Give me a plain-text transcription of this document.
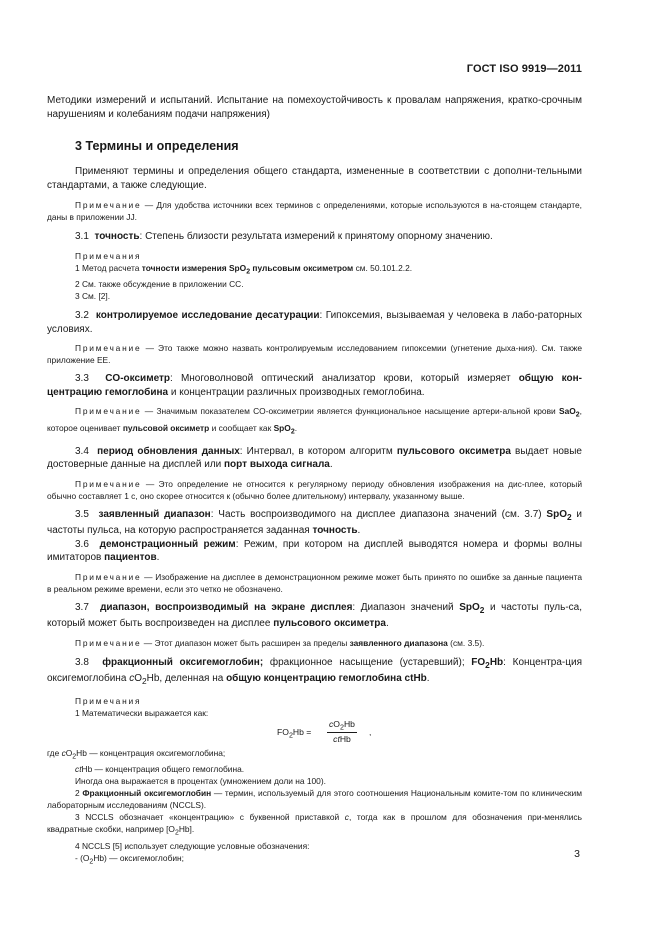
ГОСТ ISO 9919—2011

Методики измерений и испытаний. Испытание на помехоустойчивость к провалам напряжения, кратко-срочным нарушениям и колебаниям подачи напряжения)

3 Термины и определения

Применяют термины и определения общего стандарта, измененные в соответствии с дополни-тельными стандартами, а также следующие.

Примечание — Для удобства источники всех терминов с определениями, которые используются в на-стоящем стандарте, даны в приложении JJ.

3.1 точность: Степень близости результата измерений к принятому опорному значению.

Примечания

1 Метод расчета точности измерения SpO$_2$ пульсовым оксиметром см. 50.101.2.2.

2 См. также обсуждение в приложении CC.

3 См. [2].

3.2 контролируемое исследование десатурации: Гипоксемия, вызываемая у человека в лабо-раторных условиях.

Примечание — Это также можно назвать контролируемым исследованием гипоксемии (угнетение дыха-ния). См. также приложение EE.

3.3 CO-оксиметр: Многоволновой оптический анализатор крови, который измеряет общую кон-центрацию гемоглобина и концентрации различных производных гемоглобина.

Примечание — Значимым показателем CO-оксиметрии является функциональное насыщение артери-альной крови SaO$_2$, которое оценивает пульсовой оксиметр и сообщает как SpO$_2$.

3.4 период обновления данных: Интервал, в котором алгоритм пульсового оксиметра выдает новые достоверные данные на дисплей или порт выхода сигнала.

Примечание — Это определение не относится к регулярному периоду обновления изображения на дис-плее, который обычно составляет 1 с, оно скорее относится к (обычно более длительному) интервалу, указанному выше.

3.5 заявленный диапазон: Часть воспроизводимого на дисплее диапазона значений (см. 3.7) SpO$_2$ и частоты пульса, на которую распространяется заданная точность.

3.6 демонстрационный режим: Режим, при котором на дисплей выводятся номера и формы волны имитаторов пациентов.

Примечание — Изображение на дисплее в демонстрационном режиме может быть принято по ошибке за данные пациента в реальном режиме времени, если это четко не обозначено.

3.7 диапазон, воспроизводимый на экране дисплея: Диапазон значений SpO$_2$ и частоты пуль-са, который может быть воспроизведен на дисплее пульсового оксиметра.

Примечание — Этот диапазон может быть расширен за пределы заявленного диапазона (см. 3.5).

3.8 фракционный оксигемоглобин; фракционное насыщение (устаревший); $FO_2Hb$: Концентра-ция оксигемоглобина $cO_2Hb$, деленная на общую концентрацию гемоглобина ctHb.

Примечания

1 Математически выражается как:

$FO_2Hb$ =
$cO_2Hb$
ctHb
,

где $cO_2Hb$ — концентрация оксигемоглобина;

ctHb — концентрация общего гемоглобина.

Иногда она выражается в процентах (умножением доли на 100).

2 Фракционный оксигемоглобин — термин, используемый для этого соотношения Национальным комите-том по клиническим лабораторным исследованиям (NCCLS).

3 NCCLS обозначает «концентрацию» с буквенной приставкой c, тогда как в прошлом для обозначения при-менялись квадратные скобки, например $[O_2Hb]$.

4 NCCLS [5] использует следующие условные обозначения:

- $(O_2Hb)$ — оксигемоглобин;	3
